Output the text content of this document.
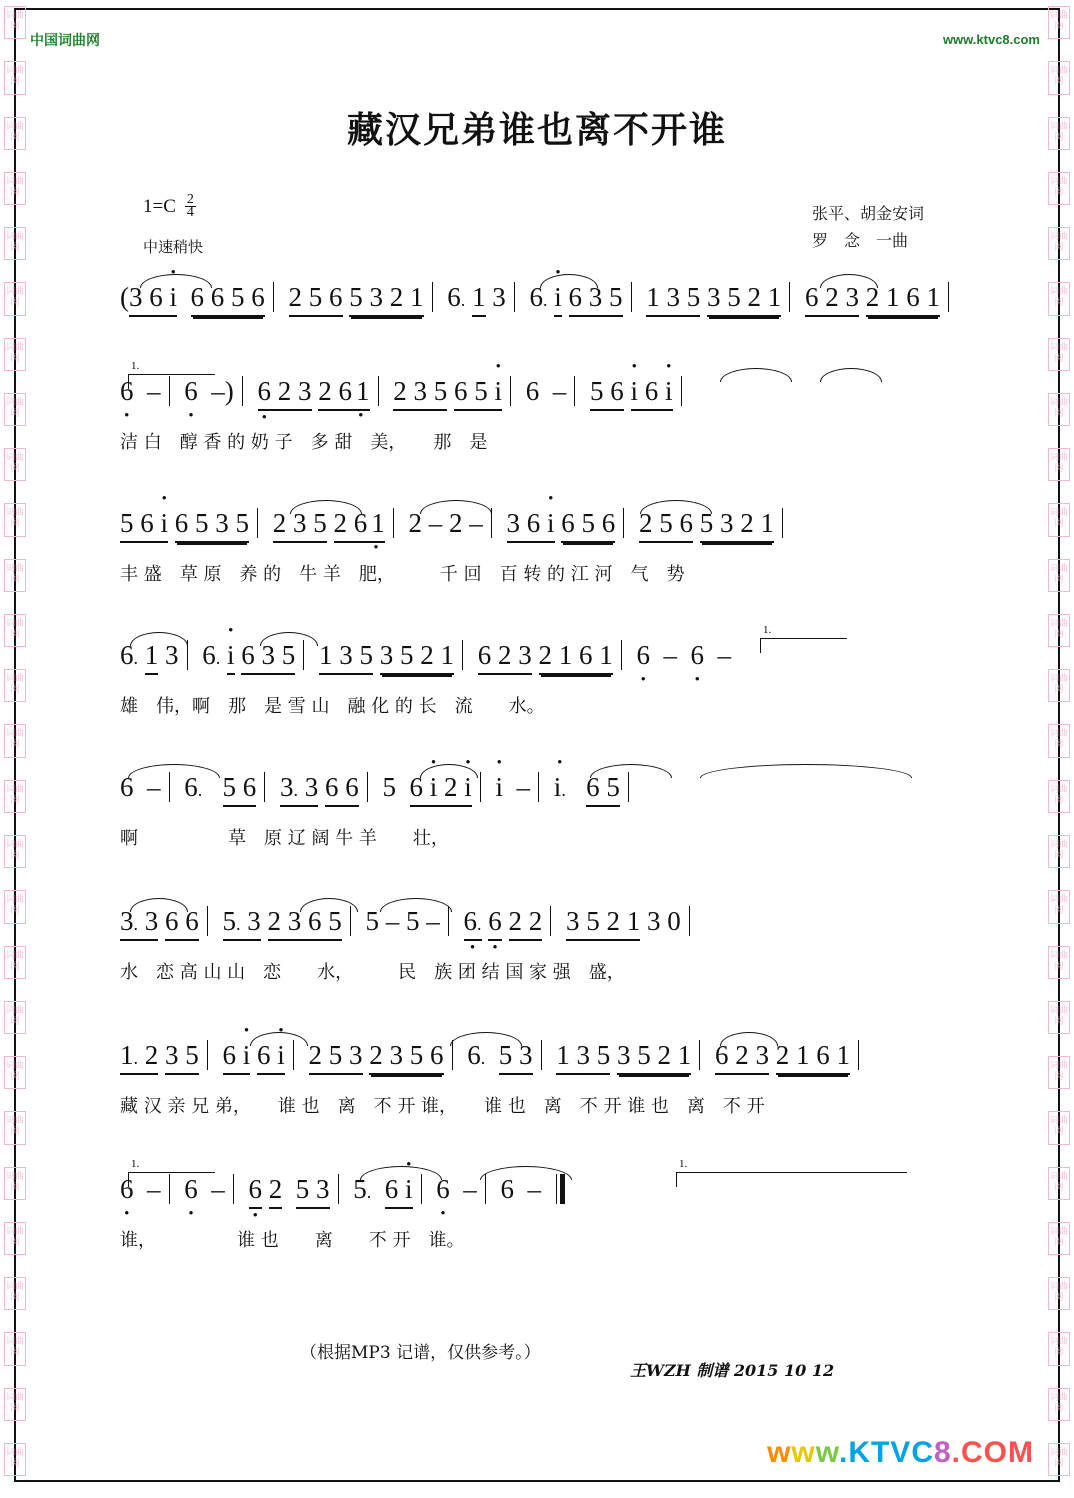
词曲网
词曲网
词曲网
词曲网
词曲网
词曲网
词曲网
词曲网
词曲网
词曲网
词曲网
词曲网
词曲网
词曲网
词曲网
词曲网
词曲网
词曲网
词曲网
词曲网
词曲网
词曲网
词曲网
词曲网
词曲网
词曲网
词曲网
词曲网
词曲网
词曲网
词曲网
词曲网
词曲网
词曲网
词曲网
词曲网
词曲网
词曲网
词曲网
词曲网
词曲网
词曲网
词曲网
词曲网
词曲网
词曲网
词曲网
词曲网
词曲网
词曲网
词曲网
词曲网
词曲网
词曲网
中国词曲网	www.ktvc8.com
藏汉兄弟谁也离不开谁
$1=C \frac{2}{4}$
中速稍快
张平、胡金安词
罗　念　一曲
(3 6 • i 6 6 5 6 2 5 6 5 3 2 1 6. 1 3 6. • i 6 3 5 1 3 5 3 5 2 1 6 2 3 2 1 6 1
6 • – 6 • –) 6 • 2 3 2 6 1 • 2 3 5 6 5 • i 6 – 5 6 • i 6 • i
洁 白　醇 香 的 奶 子　多 甜　美，　　那　是
1.
5 6 • i 6 5 3 5 2 3 5 2 6 1 • 2 – 2 – 3 6 • i 6 5 6 2 5 6 5 3 2 1
丰 盛　草 原　养 的　牛 羊　肥，　　　千 回　百 转 的 江 河　气　势
6. 1 3 6. • i 6 3 5 1 3 5 3 5 2 1 6 2 3 2 1 6 1 6 • – 6 • –
雄　伟，啊　那　是 雪 山　融 化 的 长　流　　水。
1.
6 – 6. 5 6 3. 3 6 6 5 6 • i 2 • i • i – • i. 6 5
啊　　　　　草　原 辽 阔 牛 羊　　壮，
3. 3 6 6 5. 3 2 3 6 5 5 – 5 – 6. • 6 • 2 2 3 5 2 1 3 0
水　恋 高 山 山　恋　　水，　　　民　族 团 结 国 家 强　盛，
1. 2 3 5 6 • i 6 • i 2 5 3 2 3 5 6 6. 5 3 1 3 5 3 5 2 1 6 2 3 2 1 6 1
藏 汉 亲 兄 弟，　　谁 也　离　不 开 谁，　　谁 也　离　不 开 谁 也　离　不 开
6 • – 6 • – 6 • 2 5 3 5. 6 • i 6 • – 6 –
谁，　　　　　谁 也　　离　　不 开　谁。
1.	1.
（根据MP3 记谱，仅供参考。）
王WZH 制谱 2015 10 12
www.KTVC8.COM
